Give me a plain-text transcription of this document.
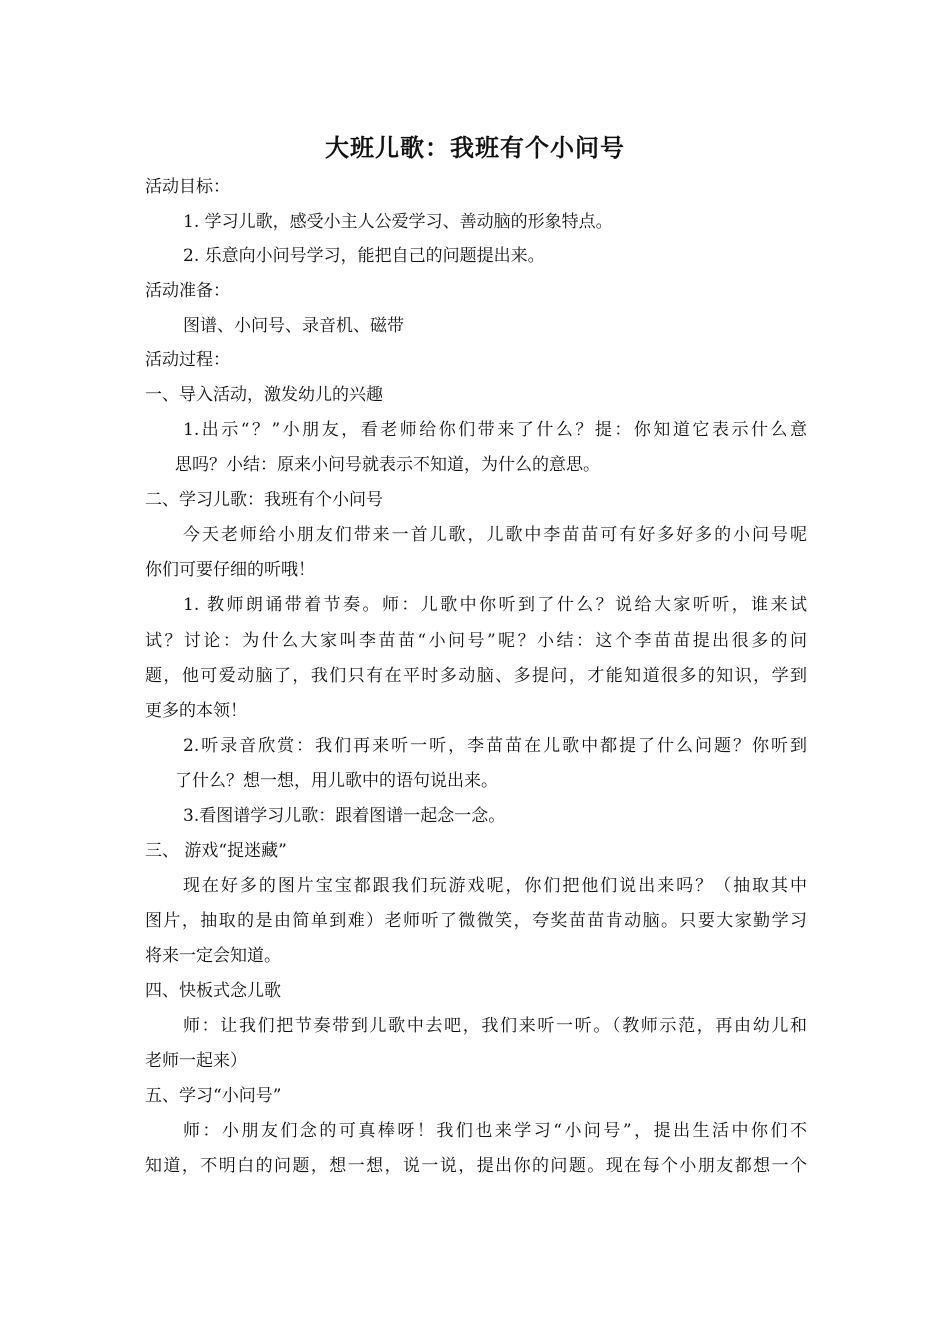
大班儿歌：我班有个小问号
活动目标：
1. 学习儿歌，感受小主人公爱学习、善动脑的形象特点。
2. 乐意向小问号学习，能把自己的问题提出来。
活动准备：
图谱、小问号、录音机、磁带
活动过程：
一、导入活动，激发幼儿的兴趣
1.出示“？”小朋友，看老师给你们带来了什么？提：你知道它表示什么意
思吗？小结：原来小问号就表示不知道，为什么的意思。
二、学习儿歌：我班有个小问号
今天老师给小朋友们带来一首儿歌，儿歌中李苗苗可有好多好多的小问号呢
你们可要仔细的听哦！
1. 教师朗诵带着节奏。师：儿歌中你听到了什么？说给大家听听，谁来试
试？讨论：为什么大家叫李苗苗“小问号”呢？小结：这个李苗苗提出很多的问
题，他可爱动脑了，我们只有在平时多动脑、多提问，才能知道很多的知识，学到
更多的本领！
2.听录音欣赏：我们再来听一听，李苗苗在儿歌中都提了什么问题？你听到
了什么？想一想，用儿歌中的语句说出来。
3.看图谱学习儿歌：跟着图谱一起念一念。
三、 游戏“捉迷藏”
现在好多的图片宝宝都跟我们玩游戏呢，你们把他们说出来吗？（抽取其中
图片，抽取的是由简单到难）老师听了微微笑，夸奖苗苗肯动脑。只要大家勤学习
将来一定会知道。
四、快板式念儿歌
师：让我们把节奏带到儿歌中去吧，我们来听一听。（教师示范，再由幼儿和
老师一起来）
五、学习“小问号”
师：小朋友们念的可真棒呀！我们也来学习“小问号”，提出生活中你们不
知道，不明白的问题，想一想，说一说，提出你的问题。现在每个小朋友都想一个
